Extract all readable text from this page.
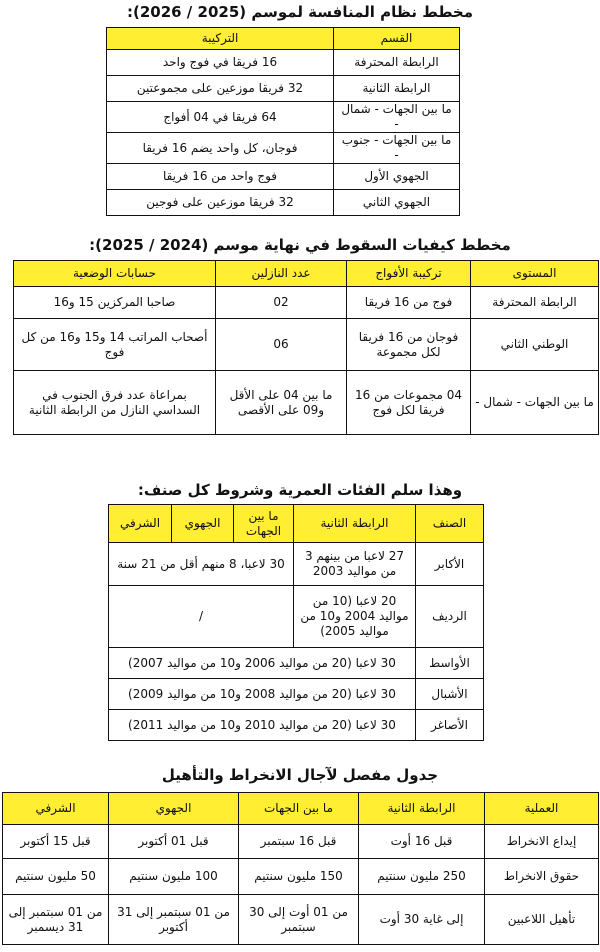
مخطط نظام المنافسة لموسم (2025 / 2026):
القسم	التركيبة
الرابطة المحترفة	16 فريقا في فوج واحد
الرابطة الثانية	32 فريقا موزعين على مجموعتين
ما بين الجهات - شمال -	64 فريقا في 04 أفواج
ما بين الجهات - جنوب -	فوجان، كل واحد يضم 16 فريقا
الجهوي الأول	فوج واحد من 16 فريقا
الجهوي الثاني	32 فريقا موزعين على فوجين
مخطط كيفيات السقوط في نهاية موسم (2024 / 2025):
المستوى	تركيبة الأفواج	عدد النازلين	حسابات الوضعية
الرابطة المحترفة	فوج من 16 فريقا	02	صاحبا المركزين 15 و16
الوطني الثاني	فوجان من 16 فريقا لكل مجموعة	06	أصحاب المراتب 14 و15 و16 من كل فوج
ما بين الجهات - شمال -	04 مجموعات من 16 فريقا لكل فوج	ما بين 04 على الأقل و09 على الأقصى	بمراعاة عدد فرق الجنوب في السداسي النازل من الرابطة الثانية
وهذا سلم الفئات العمرية وشروط كل صنف:
الصنف	الرابطة الثانية	ما بين الجهات	الجهوي	الشرفي
الأكابر	27 لاعبا من بينهم 3 من مواليد 2003	30 لاعبا، 8 منهم أقل من 21 سنة		
الرديف	20 لاعبا (10 من مواليد 2004 و10 من مواليد 2005)	/		
الأواسط	30 لاعبا (20 من مواليد 2006 و10 من مواليد 2007)			
الأشبال	30 لاعبا (20 من مواليد 2008 و10 من مواليد 2009)			
الأصاغر	30 لاعبا (20 من مواليد 2010 و10 من مواليد 2011)			
جدول مفصل لآجال الانخراط والتأهيل
العملية	الرابطة الثانية	ما بين الجهات	الجهوي	الشرفي
إيداع الانخراط	قبل 16 أوت	قبل 16 سبتمبر	قبل 01 أكتوبر	قبل 15 أكتوبر
حقوق الانخراط	250 مليون سنتيم	150 مليون سنتيم	100 مليون سنتيم	50 مليون سنتيم
تأهيل اللاعبين	إلى غاية 30 أوت	من 01 أوت إلى 30 سبتمبر	من 01 سبتمبر إلى 31 أكتوبر	من 01 سبتمبر إلى 31 ديسمبر
